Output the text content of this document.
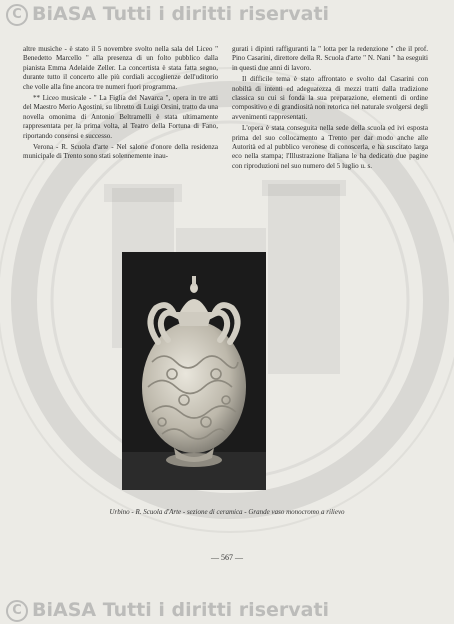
C BiASA Tutti i diritti riservati

altre musiche - è stato il 5 novembre svolto nella sala del Liceo " Benedetto Marcello " alla presenza di un folto pubblico dalla pianista Emma Adelaide Zeller. La concertista è stata fatta segno, durante tutto il concerto alle più cordiali accoglienze dell'uditorio che volle alla fine ancora tre numeri fuori programma.

** Liceo musicale - " La Figlia del Navarca ", opera in tre atti del Maestro Merio Agostini, su libretto di Luigi Orsini, tratto da una novella omonima di Antonio Beltramelli è stata ultimamente rappresentata per la prima volta, al Teatro della Fortuna di Fano, riportando consensi e successo.

Verona - R. Scuola d'arte - Nel salone d'onore della residenza municipale di Trento sono stati solennemente inau-

gurati i dipinti raffiguranti la " lotta per la redenzione " che il prof. Pino Casarini, direttore della R. Scuola d'arte " N. Nani " ha eseguiti in questi due anni di lavoro.

Il difficile tema è stato affrontato e svolto dal Casarini con nobiltà di intenti ed adeguatezza di mezzi tratti dalla tradizione classica su cui si fonda la sua preparazione, elementi di ordine compositivo e di grandiosità non retorica nel naturale svolgersi degli avvenimenti rappresentati.

L'opera è stata conseguita nella sede della scuola ed ivi esposta prima del suo collocamento a Trento per dar modo anche alle Autorità ed al pubblico veronese di conoscerla, e ha suscitato larga eco nella stampa; l'Illustrazione Italiana le ha dedicato due pagine con riproduzioni nel suo numero del 5 luglio u. s.

Urbino - R. Scuola d'Arte - sezione di ceramica - Grande vaso monocromo a rilievo
— 567 —
C BiASA Tutti i diritti riservati
